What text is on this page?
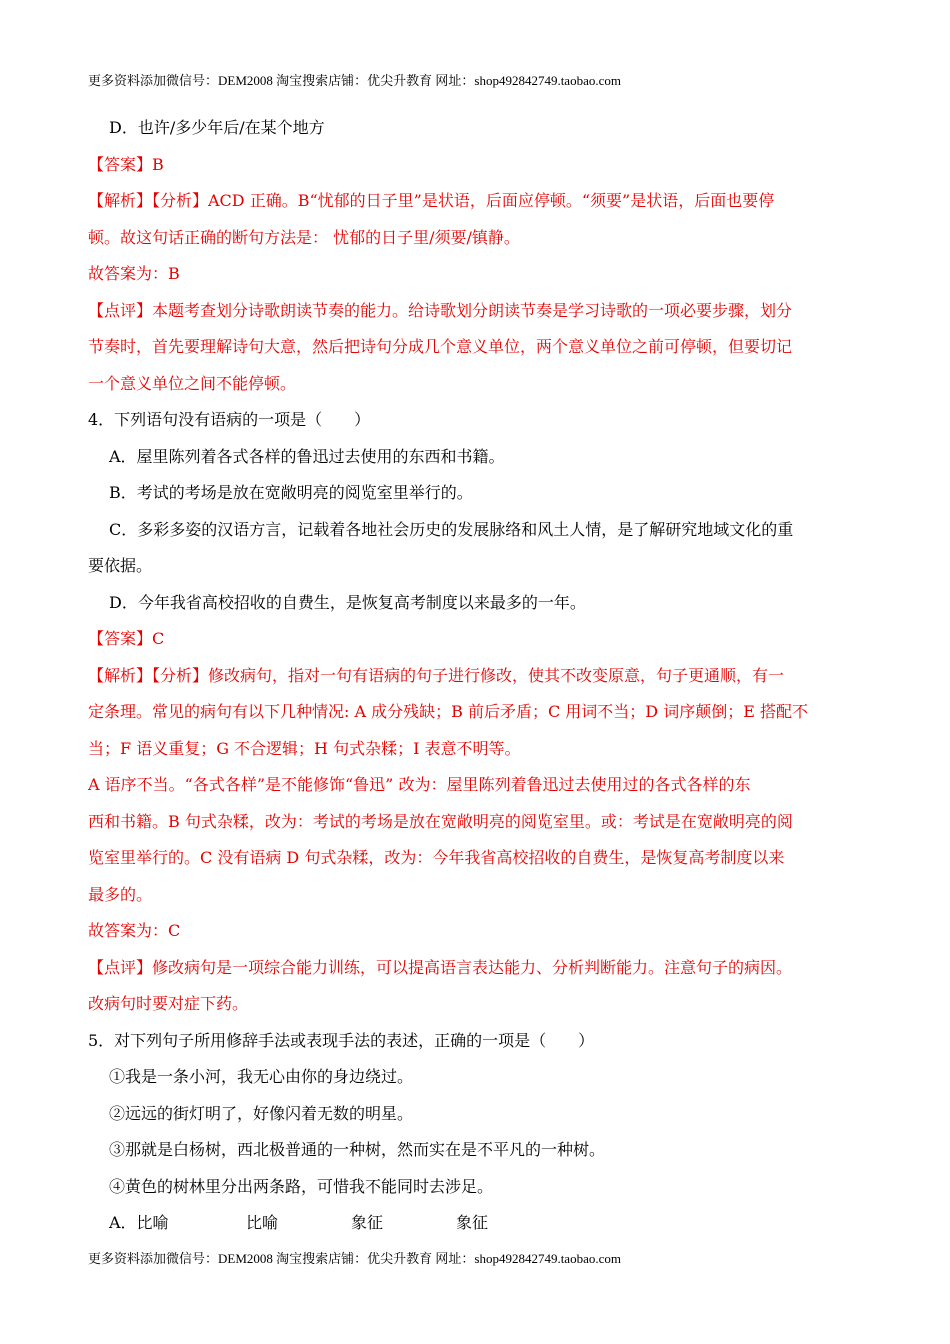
更多资料添加微信号：DEM2008 淘宝搜索店铺：优尖升教育 网址：shop492842749.taobao.com
D．也许/多少年后/在某个地方
【答案】B
【解析】【分析】ACD 正确。B“忧郁的日子里”是状语，后面应停顿。“须要”是状语，后面也要停
顿。故这句话正确的断句方法是： 忧郁的日子里/须要/镇静。
故答案为：B
【点评】本题考查划分诗歌朗读节奏的能力。给诗歌划分朗读节奏是学习诗歌的一项必要步骤，划分
节奏时，首先要理解诗句大意，然后把诗句分成几个意义单位，两个意义单位之前可停顿，但要切记
一个意义单位之间不能停顿。
4．下列语句没有语病的一项是（　　）
A．屋里陈列着各式各样的鲁迅过去使用的东西和书籍。
B．考试的考场是放在宽敞明亮的阅览室里举行的。
C．多彩多姿的汉语方言，记载着各地社会历史的发展脉络和风土人情，是了解研究地域文化的重
要依据。
D．今年我省高校招收的自费生，是恢复高考制度以来最多的一年。
【答案】C
【解析】【分析】修改病句，指对一句有语病的句子进行修改，使其不改变原意，句子更通顺，有一
定条理。常见的病句有以下几种情况: A 成分残缺；B 前后矛盾；C 用词不当；D 词序颠倒；E 搭配不
当；F 语义重复；G 不合逻辑；H 句式杂糅；I 表意不明等。
A 语序不当。“各式各样”是不能修饰“鲁迅” 改为：屋里陈列着鲁迅过去使用过的各式各样的东
西和书籍。B 句式杂糅，改为：考试的考场是放在宽敞明亮的阅览室里。或：考试是在宽敞明亮的阅
览室里举行的。C 没有语病 D 句式杂糅，改为：今年我省高校招收的自费生，是恢复高考制度以来
最多的。
故答案为：C
【点评】修改病句是一项综合能力训练，可以提高语言表达能力、分析判断能力。注意句子的病因。
改病句时要对症下药。
5．对下列句子所用修辞手法或表现手法的表述，正确的一项是（　　）
①我是一条小河，我无心由你的身边绕过。
②远远的街灯明了，好像闪着无数的明星。
③那就是白杨树，西北极普通的一种树，然而实在是不平凡的一种树。
④黄色的树林里分出两条路，可惜我不能同时去涉足。
A．比喻	比喻	象征	象征
更多资料添加微信号：DEM2008 淘宝搜索店铺：优尖升教育 网址：shop492842749.taobao.com
